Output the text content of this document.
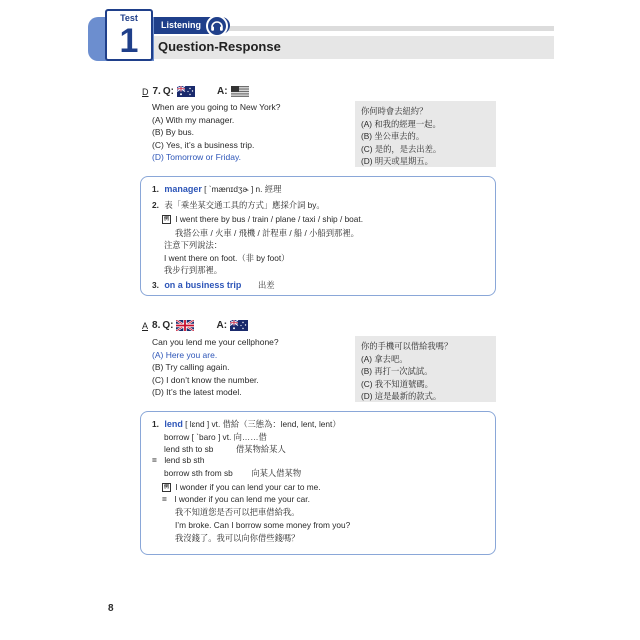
Test
1	Listening
Question-Response
D 7. Q :	A :
When are you going to New York?
(A) With my manager.
(B) By bus.
(C) Yes, it’s a business trip.
(D) Tomorrow or Friday.
你何時會去紐約？
(A) 和我的經理一起。
(B) 坐公車去的。
(C) 是的，是去出差。
(D) 明天或星期五。
1. manager [ ˋmænɪdʒɚ ] n. 經理
2. 表「乘坐某交通工具的方式」應採介詞 by。
例 I went there by bus / train / plane / taxi / ship / boat.
我搭公車 / 火車 / 飛機 / 計程車 / 船 / 小船到那裡。
注意下列說法：
I went there on foot.（非 by foot）
我步行到那裡。
3. on a business trip 出差
A 8. Q :	A :
Can you lend me your cellphone?
(A) Here you are.
(B) Try calling again.
(C) I don’t know the number.
(D) It’s the latest model.
你的手機可以借給我嗎？
(A) 拿去吧。
(B) 再打一次試試。
(C) 我不知道號碼。
(D) 這是最新的款式。
1. lend [ lɛnd ] vt. 借給（三態為：lend, lent, lent）
borrow [ ˋbaro ] vt. 向……借
lend sth to sb	借某物給某人
= lend sb sth
borrow sth from sb 向某人借某物
例 I wonder if you can lend your car to me.
= I wonder if you can lend me your car.
我不知道您是否可以把車借給我。
I’m broke. Can I borrow some money from you?
我沒錢了。我可以向你借些錢嗎？
8
